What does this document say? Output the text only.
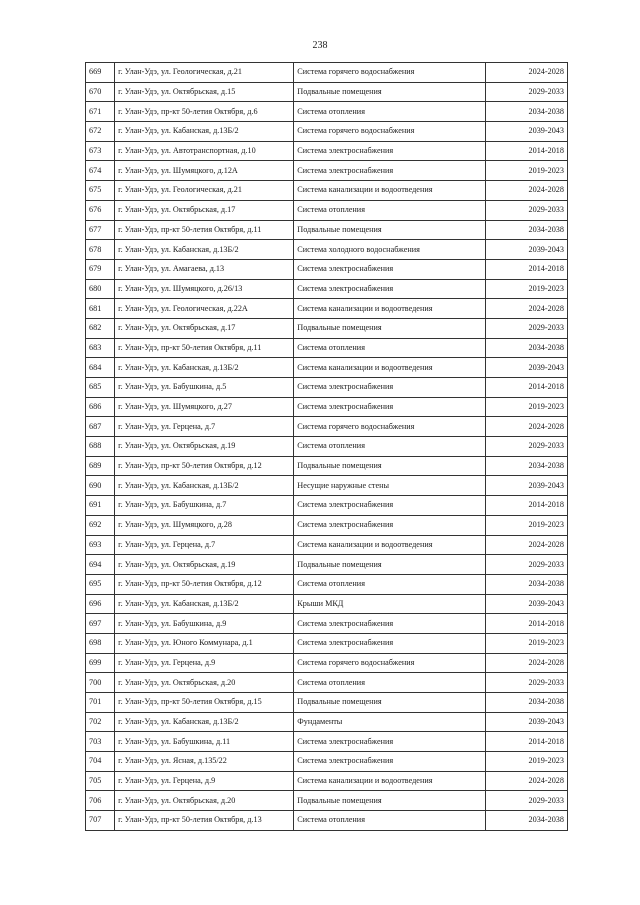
238
669	г. Улан-Удэ, ул. Геологическая, д.21	Система горячего водоснабжения	2024-2028
670	г. Улан-Удэ, ул. Октябрьская, д.15	Подвальные помещения	2029-2033
671	г. Улан-Удэ, пр-кт 50-летия Октября, д.6	Система отопления	2034-2038
672	г. Улан-Удэ, ул. Кабанская, д.13Б/2	Система горячего водоснабжения	2039-2043
673	г. Улан-Удэ, ул. Автотранспортная, д.10	Система электроснабжения	2014-2018
674	г. Улан-Удэ, ул. Шумяцкого, д.12А	Система электроснабжения	2019-2023
675	г. Улан-Удэ, ул. Геологическая, д.21	Система канализации и водоотведения	2024-2028
676	г. Улан-Удэ, ул. Октябрьская, д.17	Система отопления	2029-2033
677	г. Улан-Удэ, пр-кт 50-летия Октября, д.11	Подвальные помещения	2034-2038
678	г. Улан-Удэ, ул. Кабанская, д.13Б/2	Система холодного водоснабжения	2039-2043
679	г. Улан-Удэ, ул. Амагаева, д.13	Система электроснабжения	2014-2018
680	г. Улан-Удэ, ул. Шумяцкого, д.26/13	Система электроснабжения	2019-2023
681	г. Улан-Удэ, ул. Геологическая, д.22А	Система канализации и водоотведения	2024-2028
682	г. Улан-Удэ, ул. Октябрьская, д.17	Подвальные помещения	2029-2033
683	г. Улан-Удэ, пр-кт 50-летия Октября, д.11	Система отопления	2034-2038
684	г. Улан-Удэ, ул. Кабанская, д.13Б/2	Система канализации и водоотведения	2039-2043
685	г. Улан-Удэ, ул. Бабушкина, д.5	Система электроснабжения	2014-2018
686	г. Улан-Удэ, ул. Шумяцкого, д.27	Система электроснабжения	2019-2023
687	г. Улан-Удэ, ул. Герцена, д.7	Система горячего водоснабжения	2024-2028
688	г. Улан-Удэ, ул. Октябрьская, д.19	Система отопления	2029-2033
689	г. Улан-Удэ, пр-кт 50-летия Октября, д.12	Подвальные помещения	2034-2038
690	г. Улан-Удэ, ул. Кабанская, д.13Б/2	Несущие наружные стены	2039-2043
691	г. Улан-Удэ, ул. Бабушкина, д.7	Система электроснабжения	2014-2018
692	г. Улан-Удэ, ул. Шумяцкого, д.28	Система электроснабжения	2019-2023
693	г. Улан-Удэ, ул. Герцена, д.7	Система канализации и водоотведения	2024-2028
694	г. Улан-Удэ, ул. Октябрьская, д.19	Подвальные помещения	2029-2033
695	г. Улан-Удэ, пр-кт 50-летия Октября, д.12	Система отопления	2034-2038
696	г. Улан-Удэ, ул. Кабанская, д.13Б/2	Крыши МКД	2039-2043
697	г. Улан-Удэ, ул. Бабушкина, д.9	Система электроснабжения	2014-2018
698	г. Улан-Удэ, ул. Юного Коммунара, д.1	Система электроснабжения	2019-2023
699	г. Улан-Удэ, ул. Герцена, д.9	Система горячего водоснабжения	2024-2028
700	г. Улан-Удэ, ул. Октябрьская, д.20	Система отопления	2029-2033
701	г. Улан-Удэ, пр-кт 50-летия Октября, д.15	Подвальные помещения	2034-2038
702	г. Улан-Удэ, ул. Кабанская, д.13Б/2	Фундаменты	2039-2043
703	г. Улан-Удэ, ул. Бабушкина, д.11	Система электроснабжения	2014-2018
704	г. Улан-Удэ, ул. Ясная, д.135/22	Система электроснабжения	2019-2023
705	г. Улан-Удэ, ул. Герцена, д.9	Система канализации и водоотведения	2024-2028
706	г. Улан-Удэ, ул. Октябрьская, д.20	Подвальные помещения	2029-2033
707	г. Улан-Удэ, пр-кт 50-летия Октября, д.13	Система отопления	2034-2038
